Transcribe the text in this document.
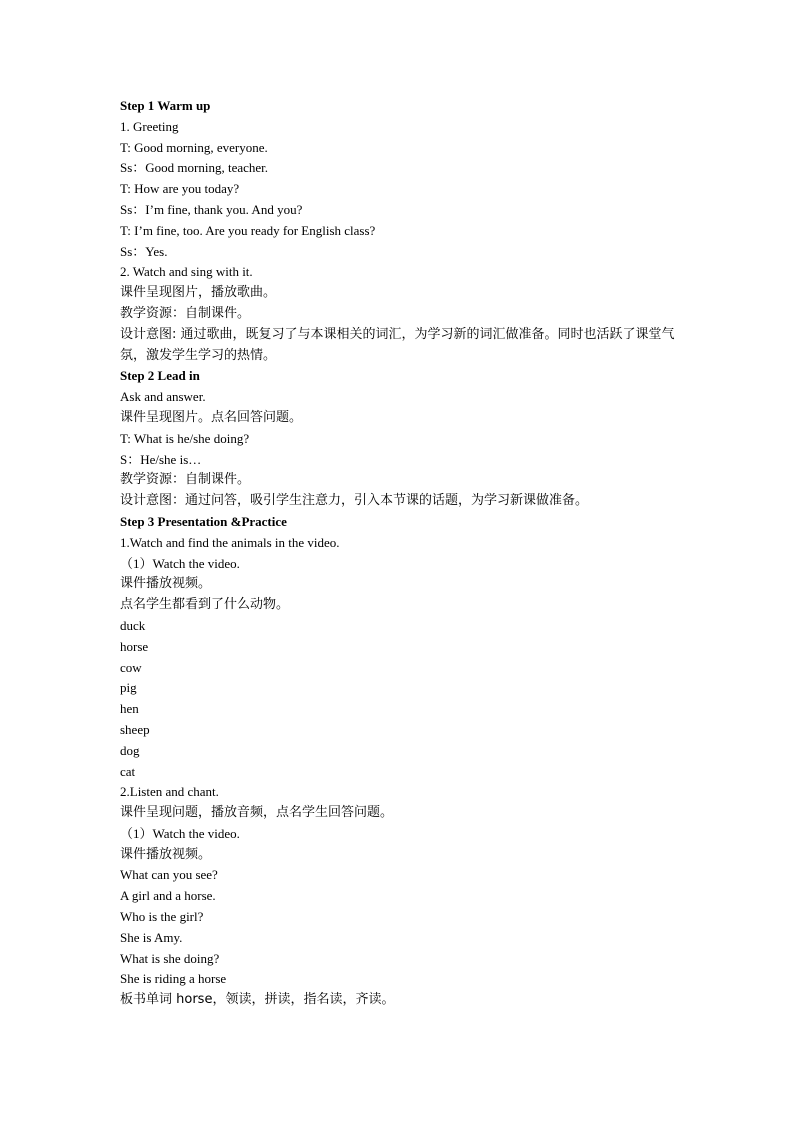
Step 1 Warm up
1. Greeting
T: Good morning, everyone.
Ss：Good morning, teacher.
T: How are you today?
Ss：I’m fine, thank you. And you?
T: I’m fine, too. Are you ready for English class?
Ss：Yes.
2. Watch and sing with it.
课件呈现图片，播放歌曲。
教学资源：自制课件。
设计意图: 通过歌曲，既复习了与本课相关的词汇，为学习新的词汇做准备。同时也活跃了课堂气氛，激发学生学习的热情。
Step 2 Lead in
Ask and answer.
课件呈现图片。点名回答问题。
T: What is he/she doing?
S：He/she is…
教学资源：自制课件。
设计意图：通过问答，吸引学生注意力，引入本节课的话题，为学习新课做准备。
Step 3 Presentation &Practice
1.Watch and find the animals in the video.
（1）Watch the video.
课件播放视频。
点名学生都看到了什么动物。
duck
horse
cow
pig
hen
sheep
dog
cat
2.Listen and chant.
课件呈现问题，播放音频，点名学生回答问题。
（1）Watch the video.
课件播放视频。
What can you see?
A girl and a horse.
Who is the girl?
She is Amy.
What is she doing?
She is riding a horse
板书单词 horse，领读，拼读，指名读，齐读。
